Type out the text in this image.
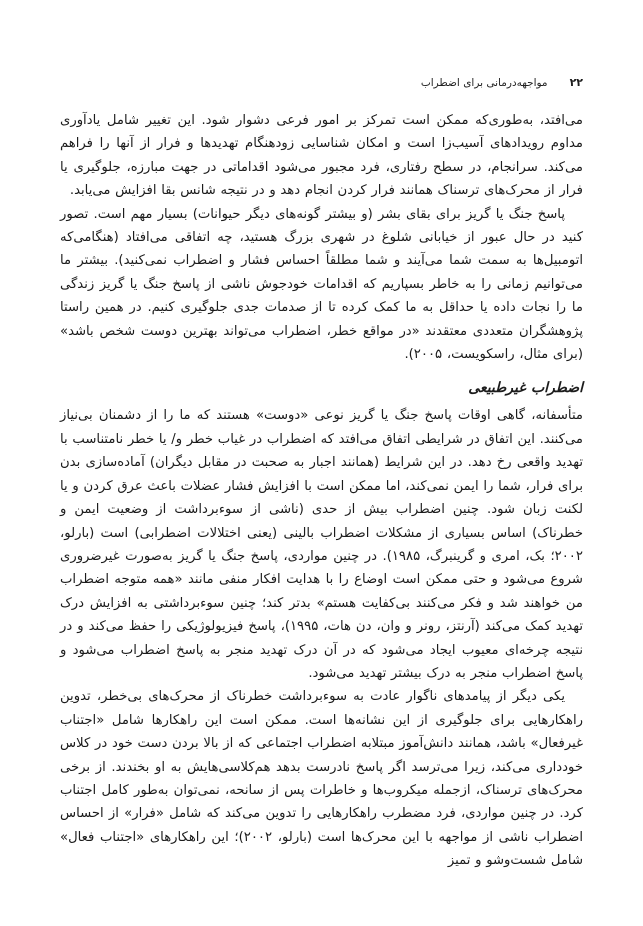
۲۲
مواجهه‌درمانی برای اضطراب

می‌افتد، به‌طوری‌که ممکن است تمرکز بر امور فرعی دشوار شود. این تغییر شامل یادآوری مداوم رویدادهای آسیب‌زا است و امکان شناسایی زودهنگام تهدیدها و فرار از آنها را فراهم می‌کند. سرانجام، در سطح رفتاری، فرد مجبور می‌شود اقداماتی در جهت مبارزه، جلوگیری یا فرار از محرک‌های ترسناک همانند فرار کردن انجام دهد و در نتیجه شانس بقا افزایش می‌یابد.

پاسخ جنگ یا گریز برای بقای بشر (و بیشتر گونه‌های دیگر حیوانات) بسیار مهم است. تصور کنید در حال عبور از خیابانی شلوغ در شهری بزرگ هستید، چه اتفاقی می‌افتاد (هنگامی‌که اتومبیل‌ها به سمت شما می‌آیند و شما مطلقاً احساس فشار و اضطراب نمی‌کنید). بیشتر ما می‌توانیم زمانی را به خاطر بسپاریم که اقدامات خودجوش ناشی از پاسخ جنگ یا گریز زندگی ما را نجات داده یا حداقل به ما کمک کرده تا از صدمات جدی جلوگیری کنیم. در همین راستا پژوهشگران متعددی معتقدند «در مواقع خطر، اضطراب می‌تواند بهترین دوست شخص باشد» (برای مثال، راسکویست، ۲۰۰۵).

اضطراب غیرطبیعی

متأسفانه، گاهی اوقات پاسخ جنگ یا گریز نوعی «دوست» هستند که ما را از دشمنان بی‌نیاز می‌کنند. این اتفاق در شرایطی اتفاق می‌افتد که اضطراب در غیاب خطر و/ یا خطر نامتناسب با تهدید واقعی رخ دهد. در این شرایط (همانند اجبار به صحبت در مقابل دیگران) آماده‌سازی بدن برای فرار، شما را ایمن نمی‌کند، اما ممکن است با افزایش فشار عضلات باعث عرق کردن و یا لکنت زبان شود. چنین اضطراب بیش از حدی (ناشی از سوءبرداشت از وضعیت ایمن و خطرناک) اساس بسیاری از مشکلات اضطراب بالینی (یعنی اختلالات اضطرابی) است (بارلو، ۲۰۰۲؛ بک، امری و گرینبرگ، ۱۹۸۵). در چنین مواردی، پاسخ جنگ یا گریز به‌صورت غیرضروری شروع می‌شود و حتی ممکن است اوضاع را با هدایت افکار منفی مانند «همه متوجه اضطراب من خواهند شد و فکر می‌کنند بی‌کفایت هستم» بدتر کند؛ چنین سوءبرداشتی به افزایش درک تهدید کمک می‌کند (آرنتز، رونر و وان، دن هات، ۱۹۹۵)، پاسخ فیزیولوژیکی را حفظ می‌کند و در نتیجه چرخه‌ای معیوب ایجاد می‌شود که در آن درک تهدید منجر به پاسخ اضطراب می‌شود و پاسخ اضطراب منجر به درک بیشتر تهدید می‌شود.

یکی دیگر از پیامدهای ناگوار عادت به سوءبرداشت خطرناک از محرک‌های بی‌خطر، تدوین راهکارهایی برای جلوگیری از این نشانه‌ها است. ممکن است این راهکارها شامل «اجتناب غیرفعال» باشد، همانند دانش‌آموز مبتلابه اضطراب اجتماعی که از بالا بردن دست خود در کلاس خودداری می‌کند، زیرا می‌ترسد اگر پاسخ نادرست بدهد هم‌کلاسی‌هایش به او بخندند. از برخی محرک‌های ترسناک، ازجمله میکروب‌ها و خاطرات پس از سانحه، نمی‌توان به‌طور کامل اجتناب کرد. در چنین مواردی، فرد مضطرب راهکارهایی را تدوین می‌کند که شامل «فرار» از احساس اضطراب ناشی از مواجهه با این محرک‌ها است (بارلو، ۲۰۰۲)؛ این راهکارهای «اجتناب فعال» شامل شست‌وشو و تمیز
